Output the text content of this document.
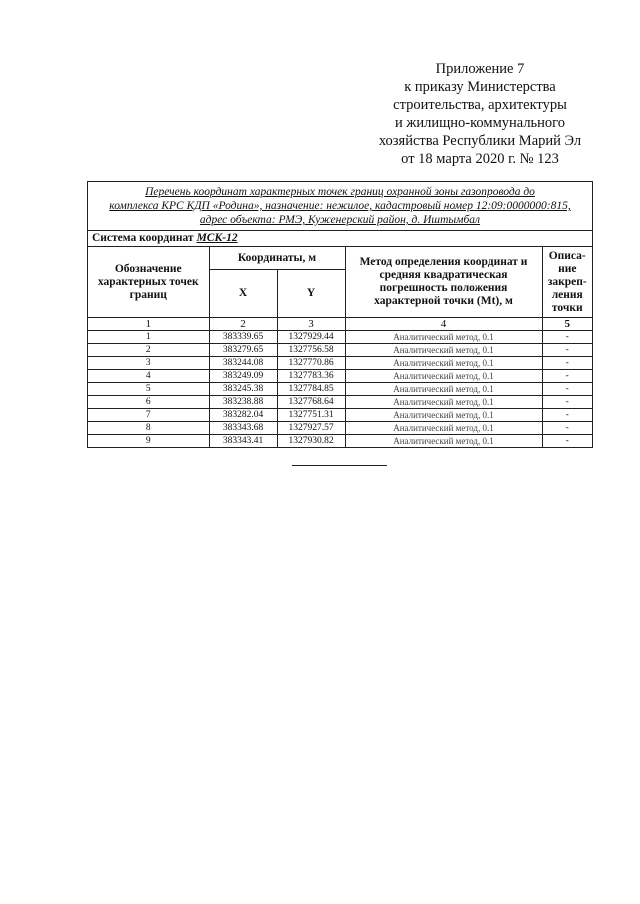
Приложение 7
к приказу Министерства
строительства, архитектуры
и жилищно-коммунального
хозяйства Республики Марий Эл
от 18 марта 2020 г. № 123
Перечень координат характерных точек границ охранной зоны газопровода до
комплекса КРС КДП «Родина», назначение: нежилое, кадастровый номер 12:09:0000000:815,
адрес объекта: РМЭ, Куженерский район, д. Иштымбал
Система координат МСК-12
Обозначение характерных точек границ	Координаты, м		Метод определения координат и средняя квадратическая погрешность положения характерной точки (Mt), м	Описа-ние закреп-ления точки
	X	Y		
1	2	3	4	5
1	383339.65	1327929.44	Аналитический метод, 0.1	-
2	383279.65	1327756.58	Аналитический метод, 0.1	-
3	383244.08	1327770.86	Аналитический метод, 0.1	-
4	383249.09	1327783.36	Аналитический метод, 0.1	-
5	383245.38	1327784.85	Аналитический метод, 0.1	-
6	383238.88	1327768.64	Аналитический метод, 0.1	-
7	383282.04	1327751.31	Аналитический метод, 0.1	-
8	383343.68	1327927.57	Аналитический метод, 0.1	-
9	383343.41	1327930.82	Аналитический метод, 0.1	-
